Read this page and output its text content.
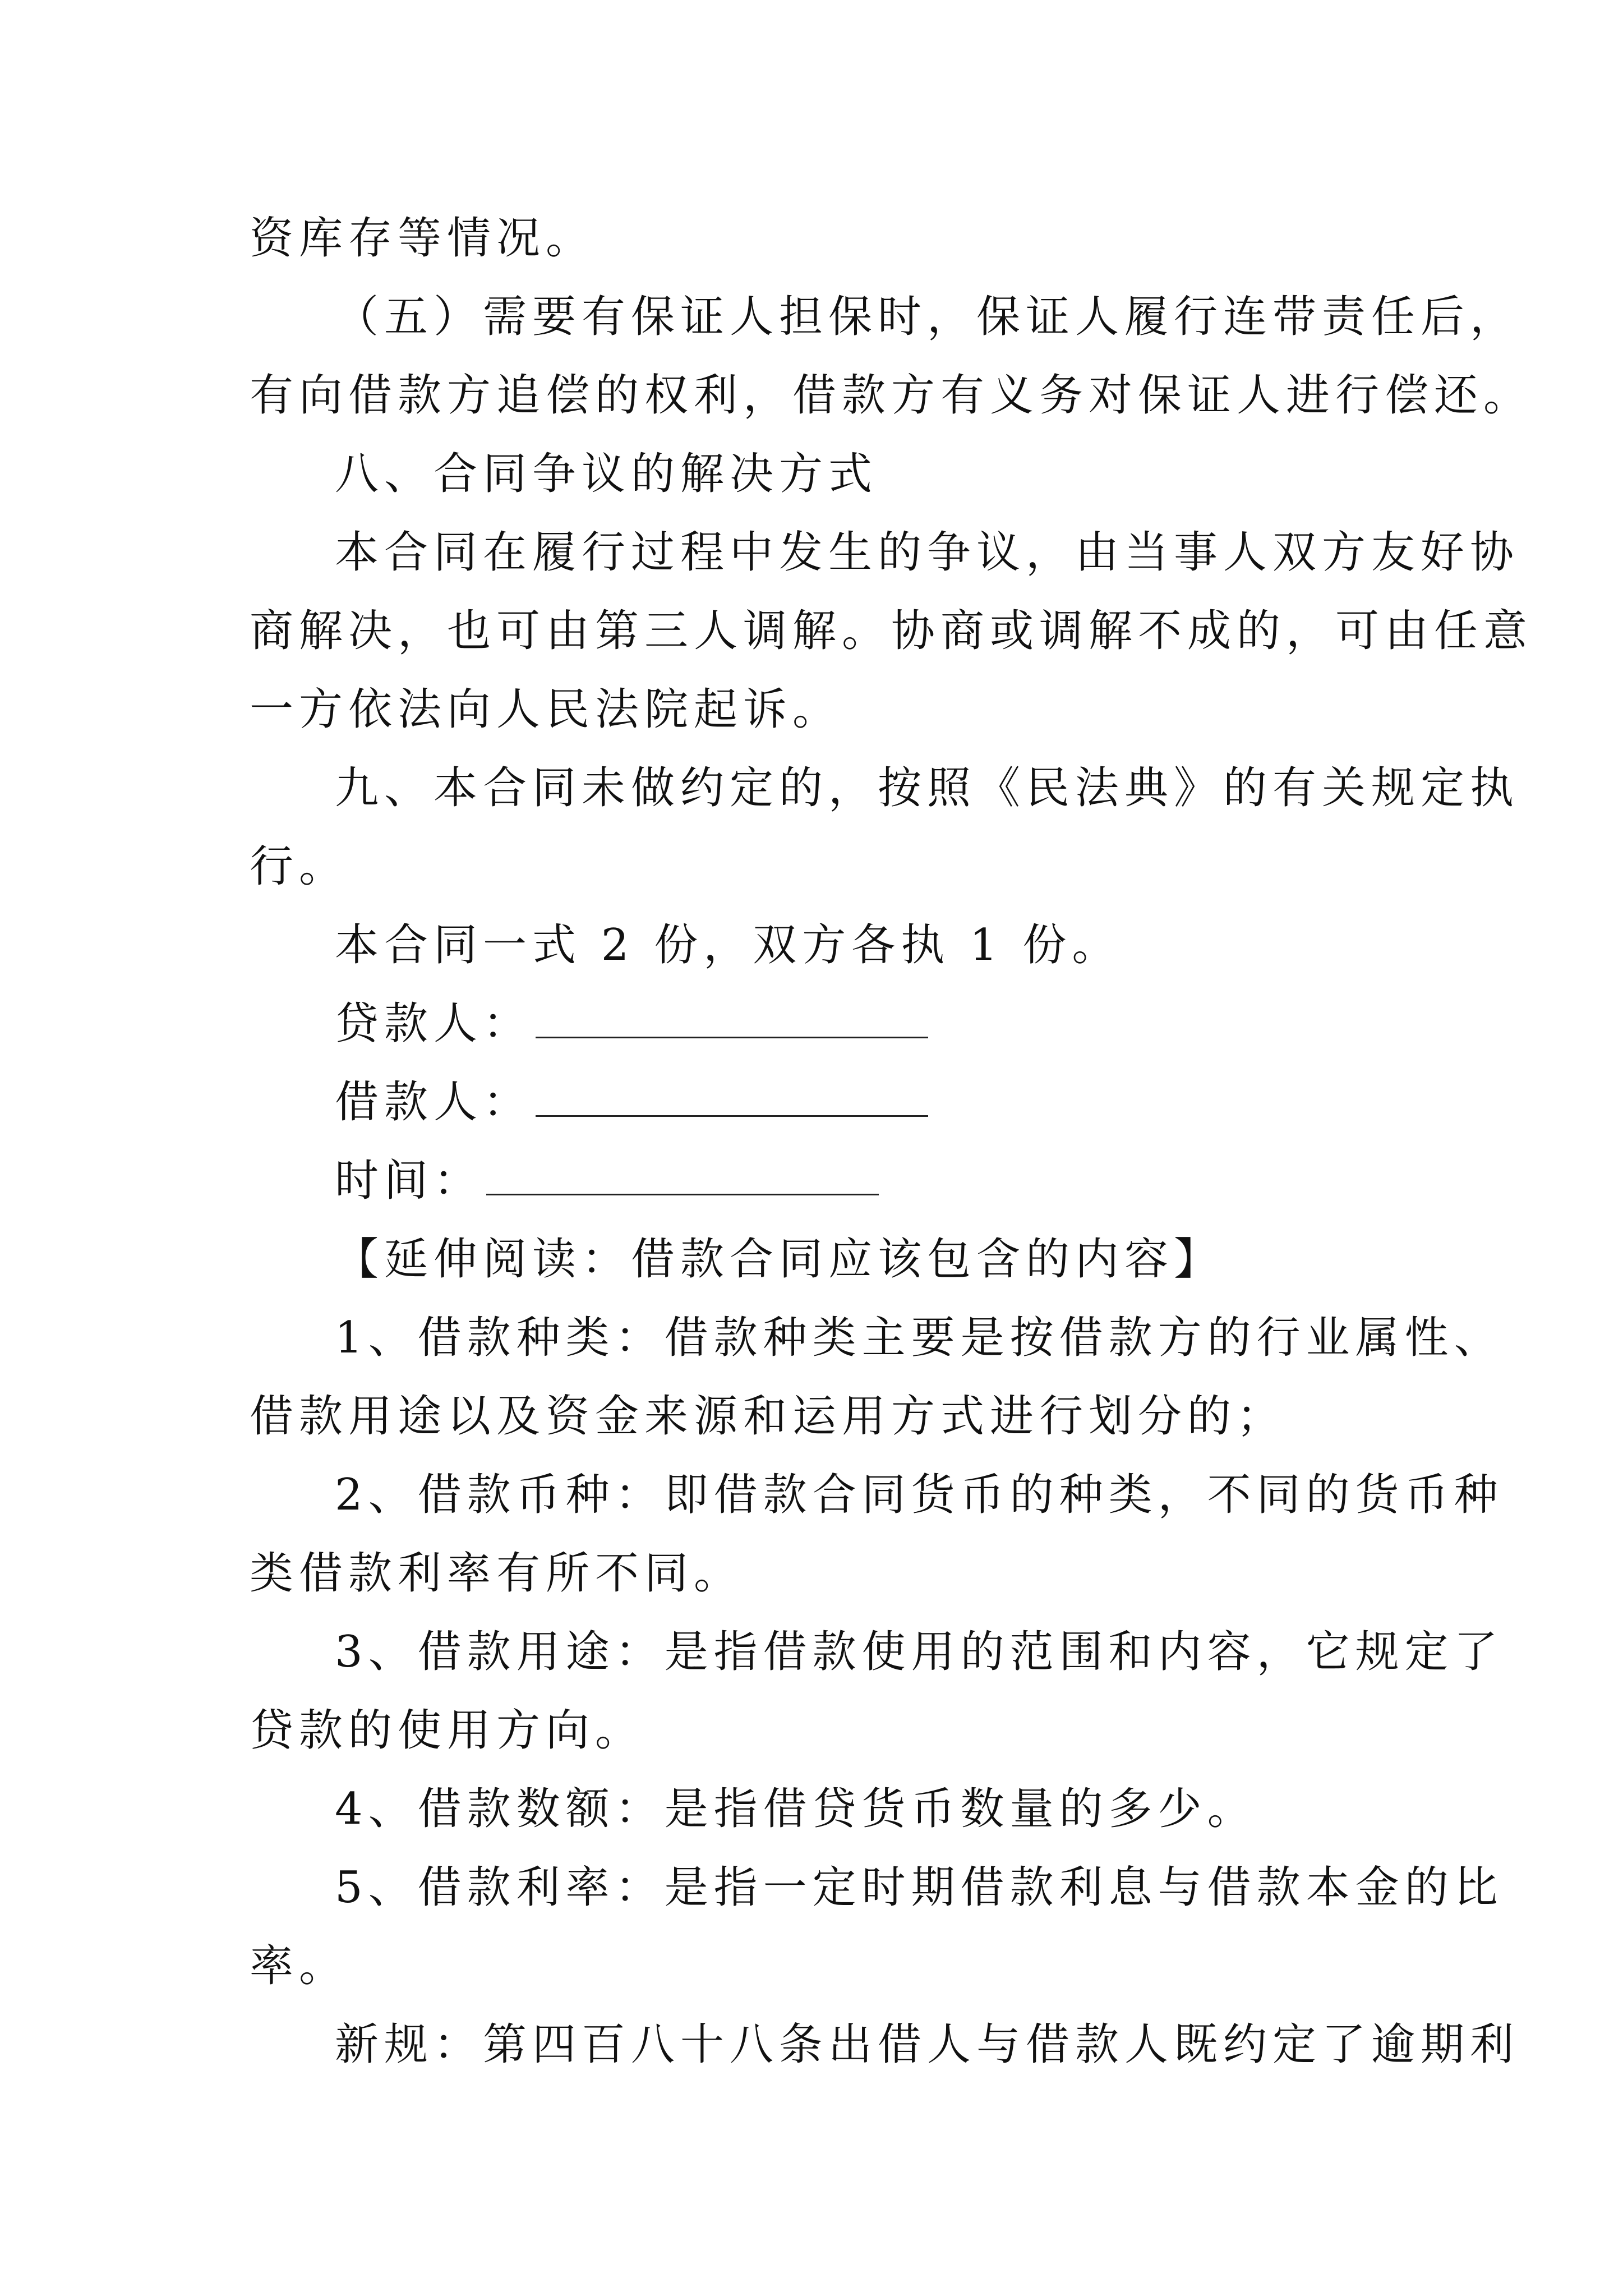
资库存等情况。
（五）需要有保证人担保时，保证人履行连带责任后，
有向借款方追偿的权利，借款方有义务对保证人进行偿还。
八、合同争议的解决方式
本合同在履行过程中发生的争议，由当事人双方友好协
商解决，也可由第三人调解。协商或调解不成的，可由任意
一方依法向人民法院起诉。
九、本合同未做约定的，按照《民法典》的有关规定执
行。
本合同一式 2 份，双方各执 1 份。
贷款人：
借款人：
时间：
【延伸阅读：借款合同应该包含的内容】
1、借款种类：借款种类主要是按借款方的行业属性、
借款用途以及资金来源和运用方式进行划分的；
2、借款币种：即借款合同货币的种类，不同的货币种
类借款利率有所不同。
3、借款用途：是指借款使用的范围和内容，它规定了
贷款的使用方向。
4、借款数额：是指借贷货币数量的多少。
5、借款利率：是指一定时期借款利息与借款本金的比
率。
新规：第四百八十八条出借人与借款人既约定了逾期利
